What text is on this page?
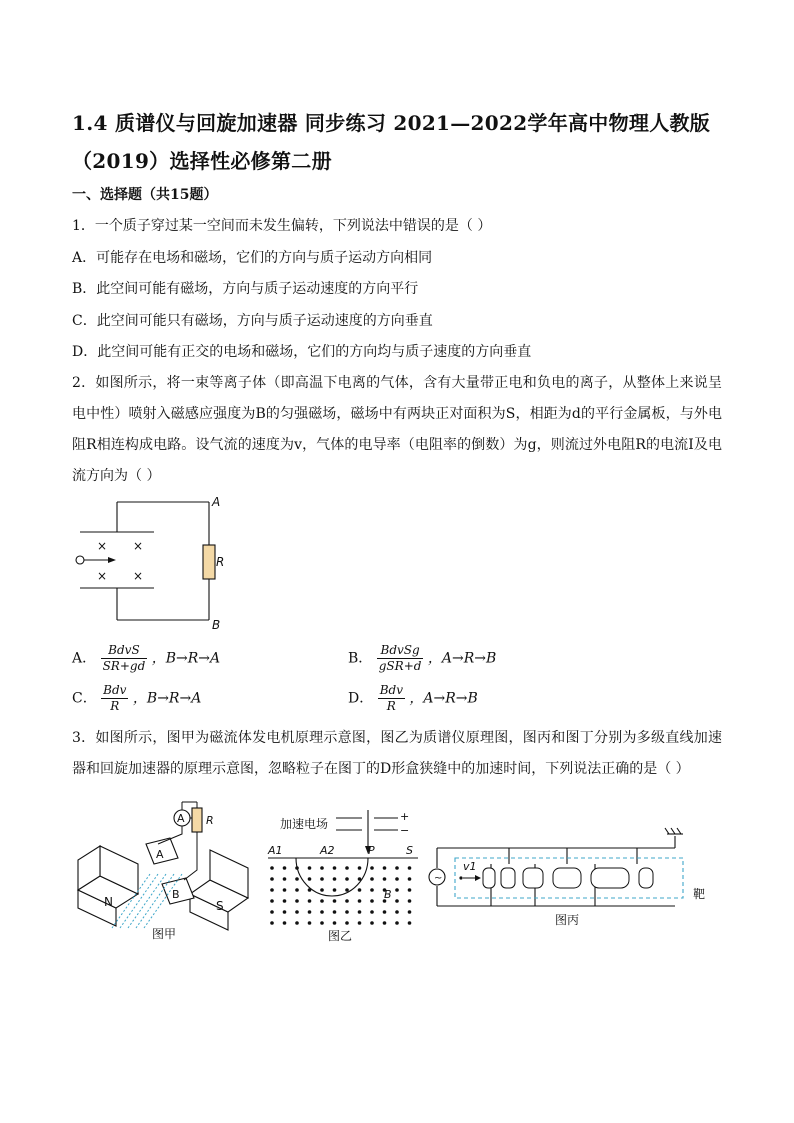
1.4 质谱仪与回旋加速器 同步练习 2021—2022学年高中物理人教版（2019）选择性必修第二册
一、选择题（共15题）
1．一个质子穿过某一空间而未发生偏转，下列说法中错误的是（ ）
A．可能存在电场和磁场，它们的方向与质子运动方向相同
B．此空间可能有磁场，方向与质子运动速度的方向平行
C．此空间可能只有磁场，方向与质子运动速度的方向垂直
D．此空间可能有正交的电场和磁场，它们的方向均与质子速度的方向垂直
2．如图所示，将一束等离子体（即高温下电离的气体，含有大量带正电和负电的离子，从整体上来说呈电中性）喷射入磁感应强度为B的匀强磁场，磁场中有两块正对面积为S，相距为d的平行金属板，与外电阻R相连构成电路。设气流的速度为v，气体的电导率（电阻率的倒数）为g，则流过外电阻R的电流I及电流方向为（ ）
× ×
× ×
A
R
B
A． $\frac{\text{BdvS}}{SR+gd}$ ，B→R→A	B． $\frac{\text{BdvSg}}{\text{gSR+d}}$ ，A→R→B
C． $\frac{\text{Bdv}}{R}$ ，B→R→A	D． $\frac{\text{Bdv}}{R}$ ，A→R→B
3．如图所示，图甲为磁流体发电机原理示意图，图乙为质谱仪原理图，图丙和图丁分别为多级直线加速器和回旋加速器的原理示意图，忽略粒子在图丁的D形盒狭缝中的加速时间，下列说法正确的是（ ）
A R
A
B
N	S
图甲
加速电场
+
−
A1	A2	P	S
B
图乙
~
v1
靶
图丙
